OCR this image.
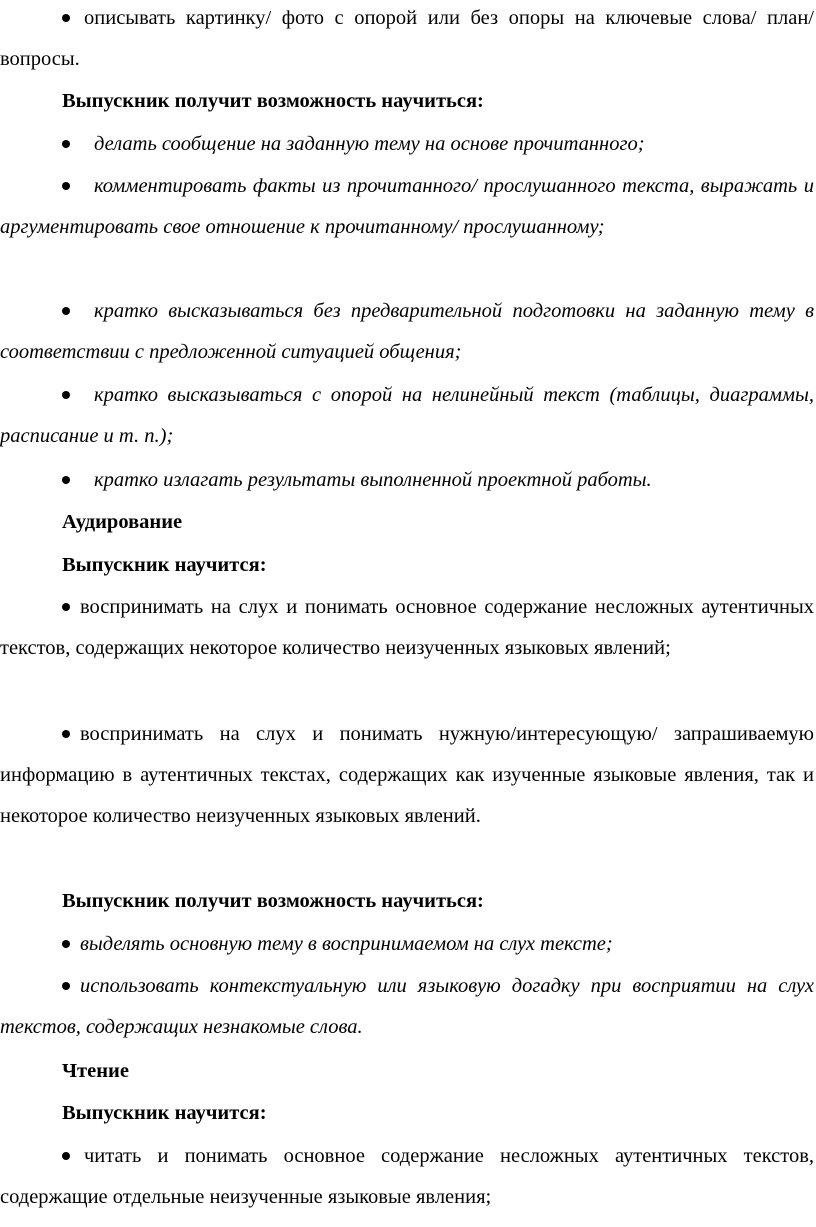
описывать картинку/ фото с опорой или без опоры на ключевые слова/ план/ вопросы.

Выпускник получит возможность научиться:

делать сообщение на заданную тему на основе прочитанного;

комментировать факты из прочитанного/ прослушанного текста, выражать и аргументировать свое отношение к прочитанному/ прослушанному;

кратко высказываться без предварительной подготовки на заданную тему в соответствии с предложенной ситуацией общения;

кратко высказываться с опорой на нелинейный текст (таблицы, диаграммы, расписание и т. п.);

кратко излагать результаты выполненной проектной работы.

Аудирование

Выпускник научится:

воспринимать на слух и понимать основное содержание несложных аутентичных текстов, содержащих некоторое количество неизученных языковых явлений;

воспринимать на слух и понимать нужную/интересующую/ запрашиваемую информацию в аутентичных текстах, содержащих как изученные языковые явления, так и некоторое количество неизученных языковых явлений.

Выпускник получит возможность научиться:

выделять основную тему в воспринимаемом на слух тексте;

использовать контекстуальную или языковую догадку при восприятии на слух текстов, содержащих незнакомые слова.

Чтение

Выпускник научится:

читать и понимать основное содержание несложных аутентичных текстов, содержащие отдельные неизученные языковые явления;
